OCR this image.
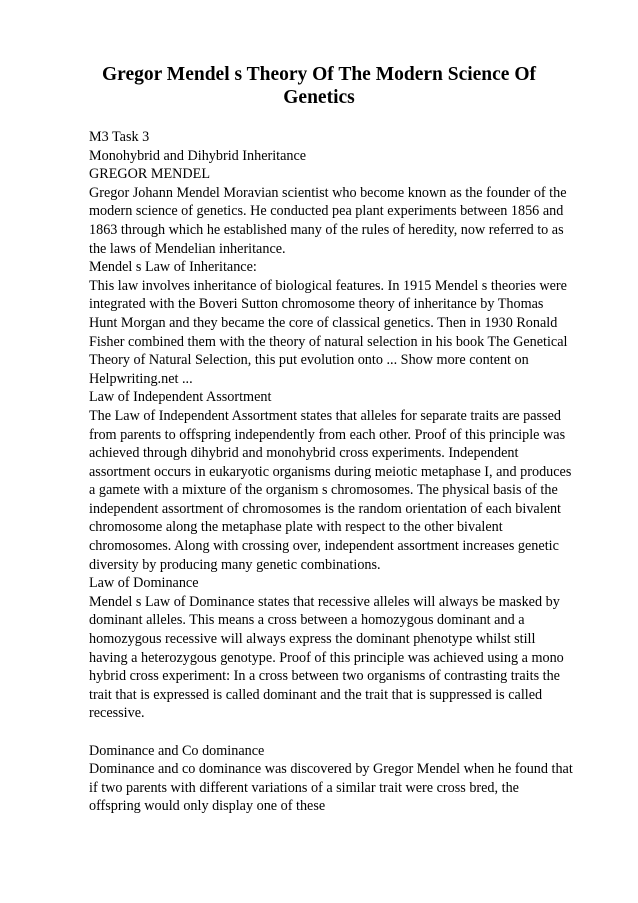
Gregor Mendel s Theory Of The Modern Science Of
Genetics
M3 Task 3
Monohybrid and Dihybrid Inheritance
GREGOR MENDEL
Gregor Johann Mendel Moravian scientist who become known as the founder of the
modern science of genetics. He conducted pea plant experiments between 1856 and
1863 through which he established many of the rules of heredity, now referred to as
the laws of Mendelian inheritance.
Mendel s Law of Inheritance:
This law involves inheritance of biological features. In 1915 Mendel s theories were
integrated with the Boveri Sutton chromosome theory of inheritance by Thomas
Hunt Morgan and they became the core of classical genetics. Then in 1930 Ronald
Fisher combined them with the theory of natural selection in his book The Genetical
Theory of Natural Selection, this put evolution onto ... Show more content on
Helpwriting.net ...
Law of Independent Assortment
The Law of Independent Assortment states that alleles for separate traits are passed
from parents to offspring independently from each other. Proof of this principle was
achieved through dihybrid and monohybrid cross experiments. Independent
assortment occurs in eukaryotic organisms during meiotic metaphase I, and produces
a gamete with a mixture of the organism s chromosomes. The physical basis of the
independent assortment of chromosomes is the random orientation of each bivalent
chromosome along the metaphase plate with respect to the other bivalent
chromosomes. Along with crossing over, independent assortment increases genetic
diversity by producing many genetic combinations.
Law of Dominance
Mendel s Law of Dominance states that recessive alleles will always be masked by
dominant alleles. This means a cross between a homozygous dominant and a
homozygous recessive will always express the dominant phenotype whilst still
having a heterozygous genotype. Proof of this principle was achieved using a mono
hybrid cross experiment: In a cross between two organisms of contrasting traits the
trait that is expressed is called dominant and the trait that is suppressed is called
recessive.
Dominance and Co dominance
Dominance and co dominance was discovered by Gregor Mendel when he found that
if two parents with different variations of a similar trait were cross bred, the
offspring would only display one of these
